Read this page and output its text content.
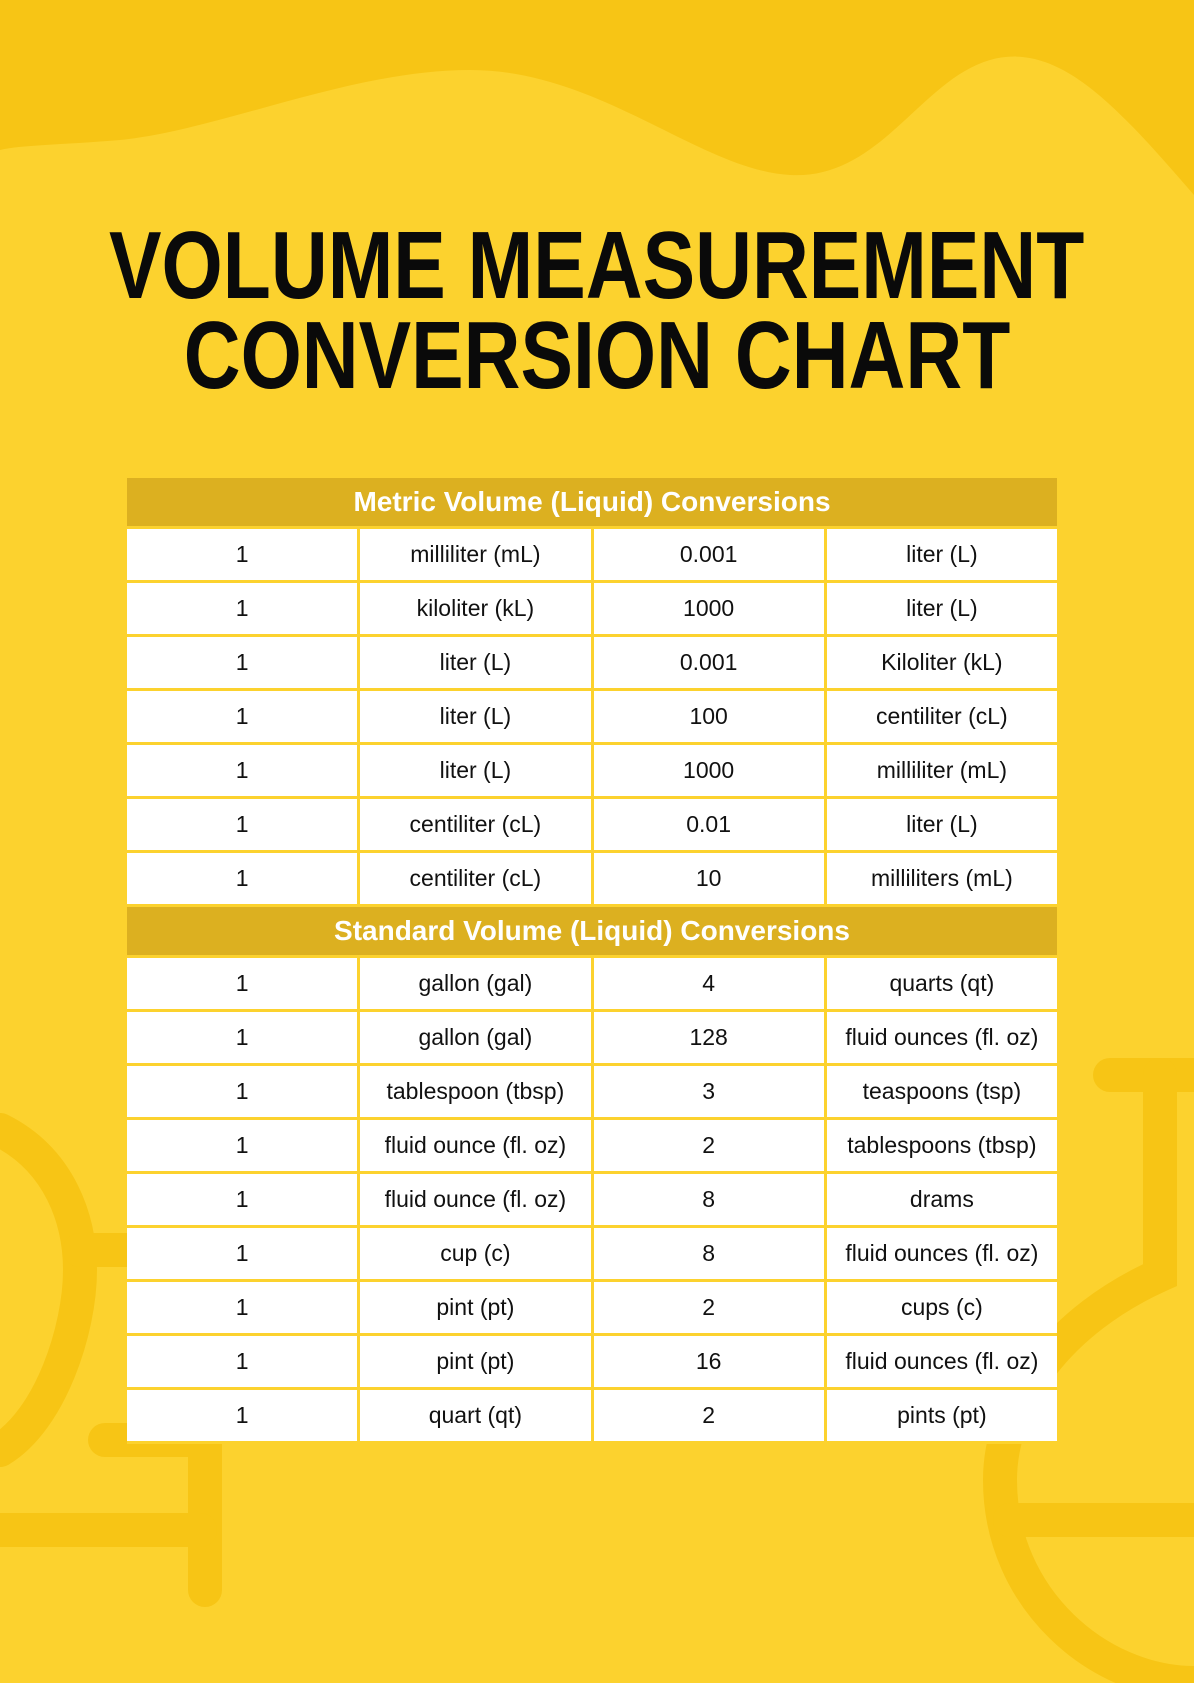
VOLUME MEASUREMENT
CONVERSION CHART
Metric Volume (Liquid) Conversions
1	milliliter (mL)	0.001	liter (L)
1	kiloliter (kL)	1000	liter (L)
1	liter (L)	0.001	Kiloliter (kL)
1	liter (L)	100	centiliter (cL)
1	liter (L)	1000	milliliter (mL)
1	centiliter (cL)	0.01	liter (L)
1	centiliter (cL)	10	milliliters (mL)
Standard Volume (Liquid) Conversions
1	gallon (gal)	4	quarts (qt)
1	gallon (gal)	128	fluid ounces (fl. oz)
1	tablespoon (tbsp)	3	teaspoons (tsp)
1	fluid ounce (fl. oz)	2	tablespoons (tbsp)
1	fluid ounce (fl. oz)	8	drams
1	cup (c)	8	fluid ounces (fl. oz)
1	pint (pt)	2	cups (c)
1	pint (pt)	16	fluid ounces (fl. oz)
1	quart (qt)	2	pints (pt)
